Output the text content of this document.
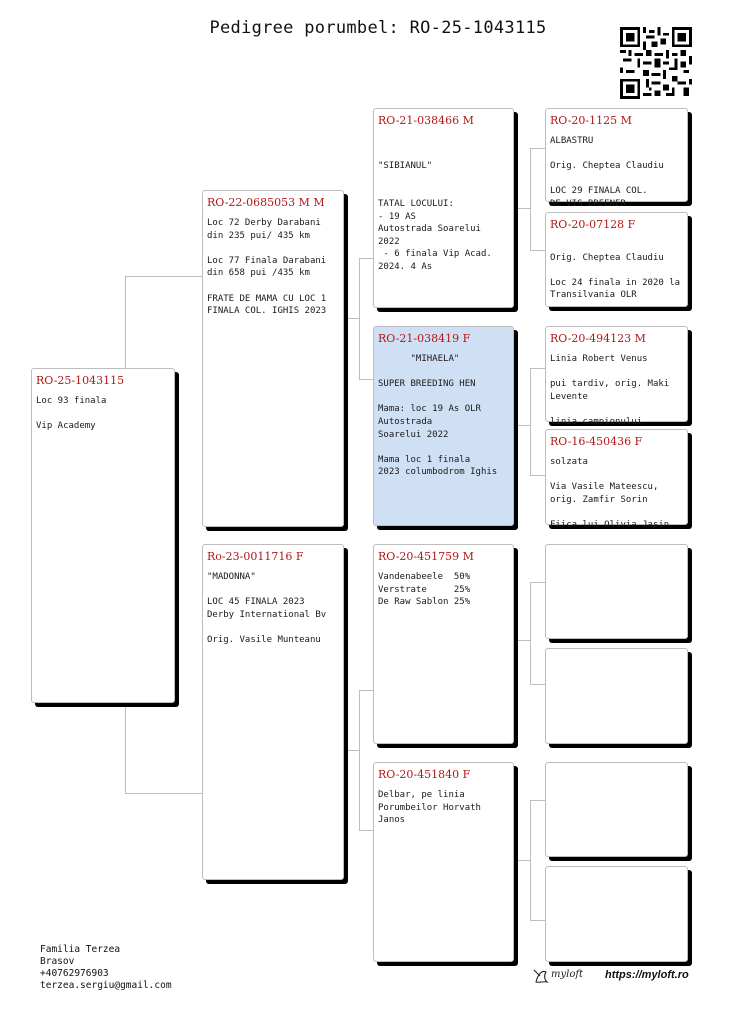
Pedigree porumbel: RO-25-1043115
RO-25-1043115
Loc 93 finala

Vip Academy
RO-22-0685053 M M
Loc 72 Derby Darabani
din 235 pui/ 435 km

Loc 77 Finala Darabani
din 658 pui /435 km

FRATE DE MAMA CU LOC 1
FINALA COL. IGHIS 2023
Ro-23-0011716 F
"MADONNA"

LOC 45 FINALA 2023
Derby International Bv

Orig. Vasile Munteanu
RO-21-038466 M

"SIBIANUL"

TATAL LOCULUI:
- 19 AS
Autostrada Soarelui
2022
- 6 finala Vip Acad.
2024. 4 As
RO-21-038419 F
"MIHAELA"

SUPER BREEDING HEN

Mama: loc 19 As OLR
Autostrada
Soarelui 2022

Mama loc 1 finala
2023 columbodrom Ighis
RO-20-451759 M
Vandenabeele  50%
Verstrate     25%
De Raw Sablon 25%
RO-20-451840 F
Delbar, pe linia
Porumbeilor Horvath
Janos
RO-20-1125 M
ALBASTRU

Orig. Cheptea Claudiu

LOC 29 FINALA COL.
DE VIS BREENER
RO-20-07128 F

Orig. Cheptea Claudiu

Loc 24 finala in 2020 la
Transilvania OLR
RO-20-494123 M
Linia Robert Venus

pui tardiv, orig. Maki
Levente

linia campionului
RO-16-450436 F
solzata

Via Vasile Mateescu,
orig. Zamfir Sorin

Fiica lui Olivia Jasin
Familia Terzea
Brasov
+40762976903
terzea.sergiu@gmail.com
myloft https://myloft.ro
